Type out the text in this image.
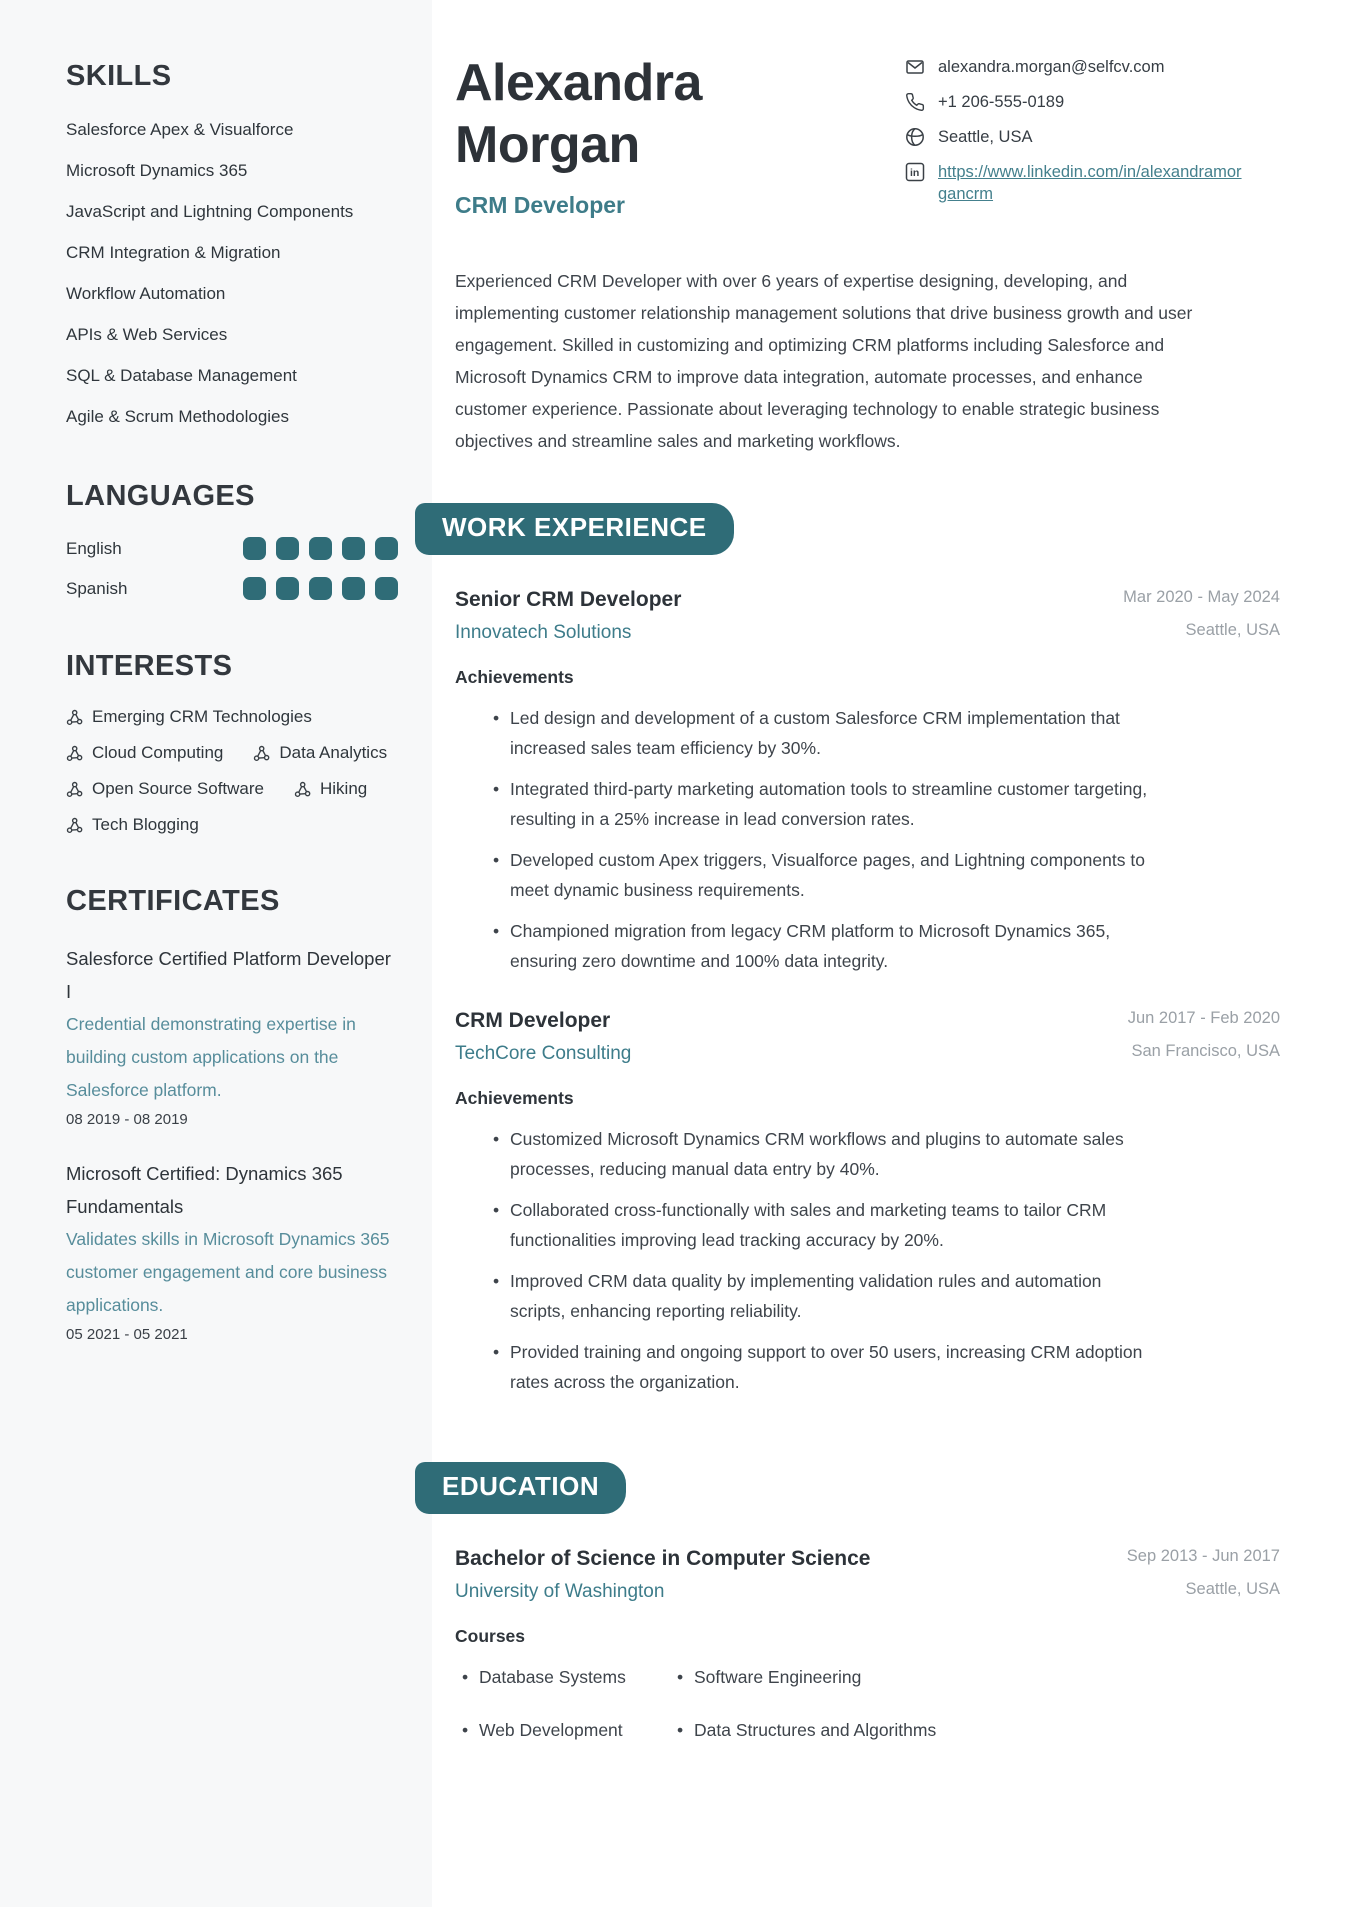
SKILLS
Salesforce Apex & Visualforce
Microsoft Dynamics 365
JavaScript and Lightning Components
CRM Integration & Migration
Workflow Automation
APIs & Web Services
SQL & Database Management
Agile & Scrum Methodologies
LANGUAGES
English
Spanish
INTERESTS
Emerging CRM Technologies
Cloud Computing	Data Analytics
Open Source Software	Hiking
Tech Blogging
CERTIFICATES

Salesforce Certified Platform Developer I

Credential demonstrating expertise in building custom applications on the Salesforce platform.

08 2019 - 08 2019

Microsoft Certified: Dynamics 365 Fundamentals

Validates skills in Microsoft Dynamics 365 customer engagement and core business applications.

05 2021 - 05 2021
Alexandra
Morgan
CRM Developer
alexandra.morgan@selfcv.com
+1 206-555-0189
Seattle, USA
in https://www.linkedin.com/in/alexandramorgancrm

Experienced CRM Developer with over 6 years of expertise designing, developing, and implementing customer relationship management solutions that drive business growth and user engagement. Skilled in customizing and optimizing CRM platforms including Salesforce and Microsoft Dynamics CRM to improve data integration, automate processes, and enhance customer experience. Passionate about leveraging technology to enable strategic business objectives and streamline sales and marketing workflows.

WORK EXPERIENCE
Senior CRM Developer
Innovatech Solutions
Mar 2020 - May 2024
Seattle, USA
Achievements
• Led design and development of a custom Salesforce CRM implementation that increased sales team efficiency by 30%.
• Integrated third-party marketing automation tools to streamline customer targeting, resulting in a 25% increase in lead conversion rates.
• Developed custom Apex triggers, Visualforce pages, and Lightning components to meet dynamic business requirements.
• Championed migration from legacy CRM platform to Microsoft Dynamics 365, ensuring zero downtime and 100% data integrity.
CRM Developer
TechCore Consulting
Jun 2017 - Feb 2020
San Francisco, USA
Achievements
• Customized Microsoft Dynamics CRM workflows and plugins to automate sales processes, reducing manual data entry by 40%.
• Collaborated cross-functionally with sales and marketing teams to tailor CRM functionalities improving lead tracking accuracy by 20%.
• Improved CRM data quality by implementing validation rules and automation scripts, enhancing reporting reliability.
• Provided training and ongoing support to over 50 users, increasing CRM adoption rates across the organization.
EDUCATION
Bachelor of Science in Computer Science
University of Washington
Sep 2013 - Jun 2017
Seattle, USA
Courses
• Database Systems
• Web Development
• Software Engineering
• Data Structures and Algorithms
